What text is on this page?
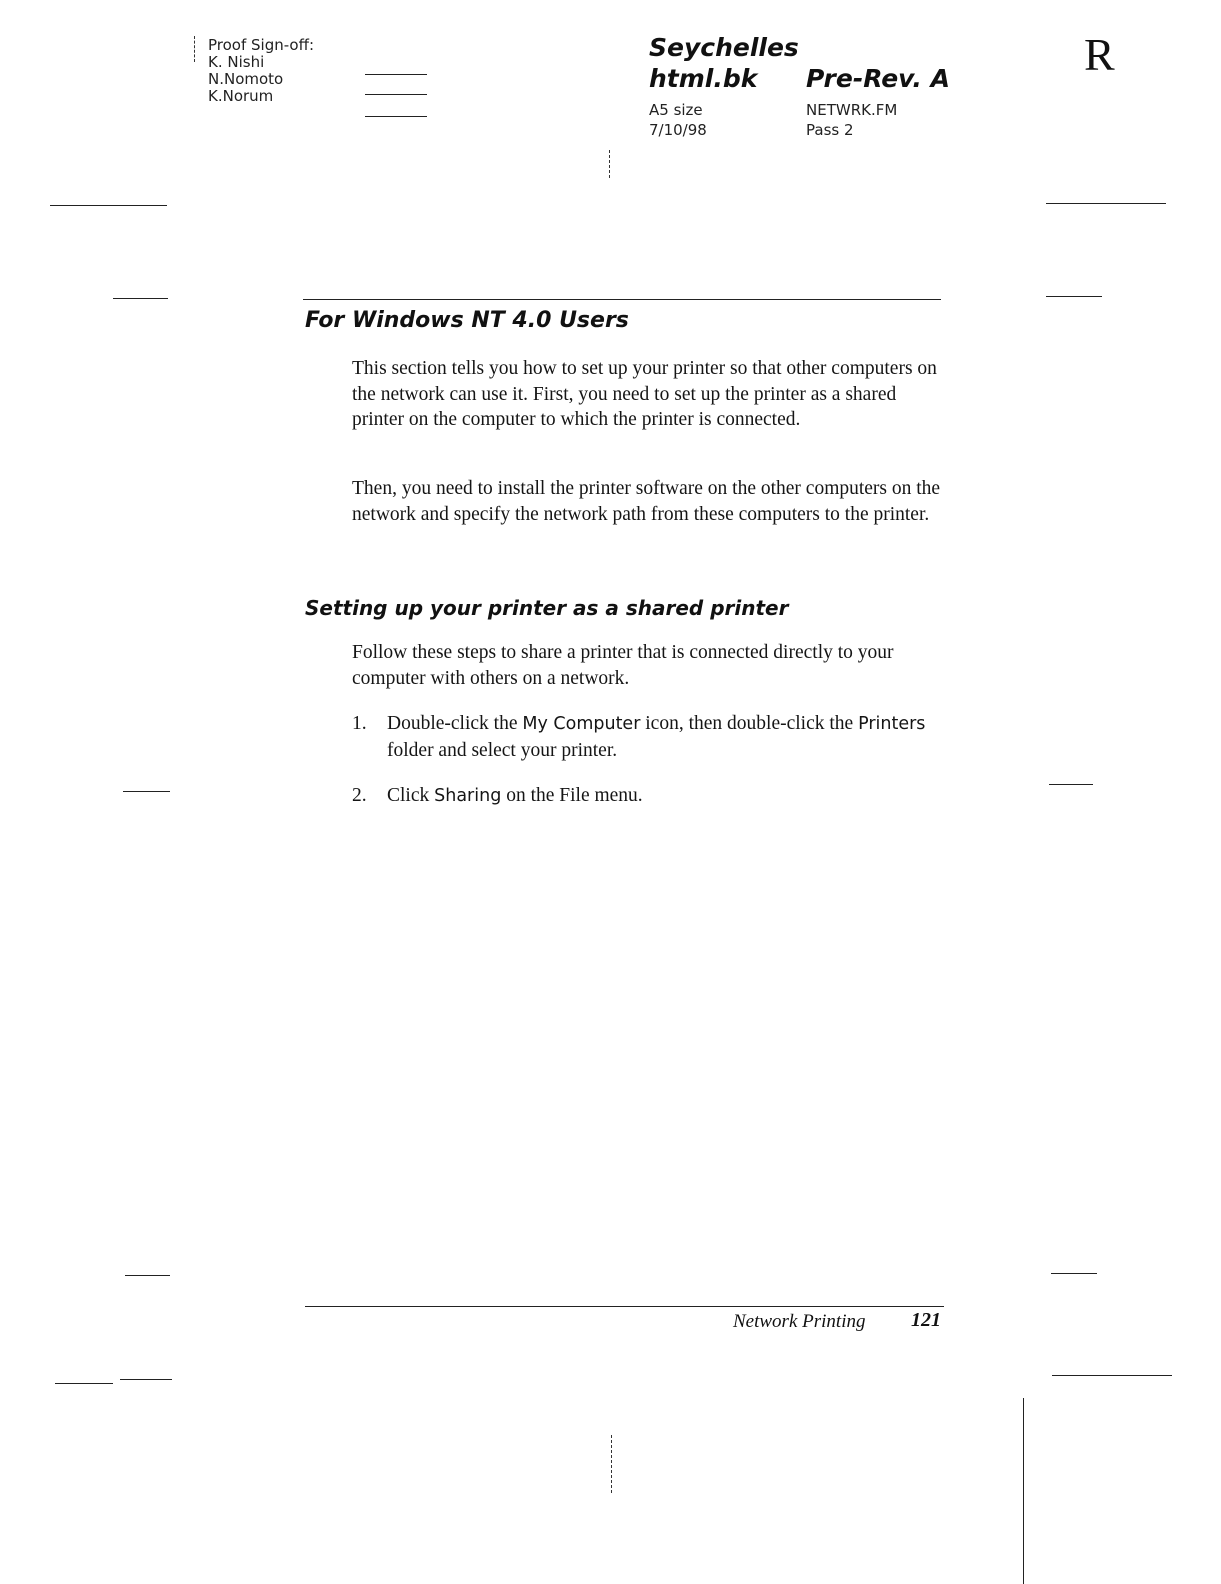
Proof Sign-off:
K. Nishi
N.Nomoto
K.Norum
Seychelles
html.bk Pre-Rev. A
A5 size
7/10/98
NETWRK.FM
Pass 2
R
For Windows NT 4.0 Users
This section tells you how to set up your printer so that other computers on the network can use it. First, you need to set up the printer as a shared printer on the computer to which the printer is connected.
Then, you need to install the printer software on the other computers on the network and specify the network path from these computers to the printer.
Setting up your printer as a shared printer
Follow these steps to share a printer that is connected directly to your computer with others on a network.
1. Double-click the My Computer icon, then double-click the Printers folder and select your printer.
2. Click Sharing on the File menu.
Network Printing 121
